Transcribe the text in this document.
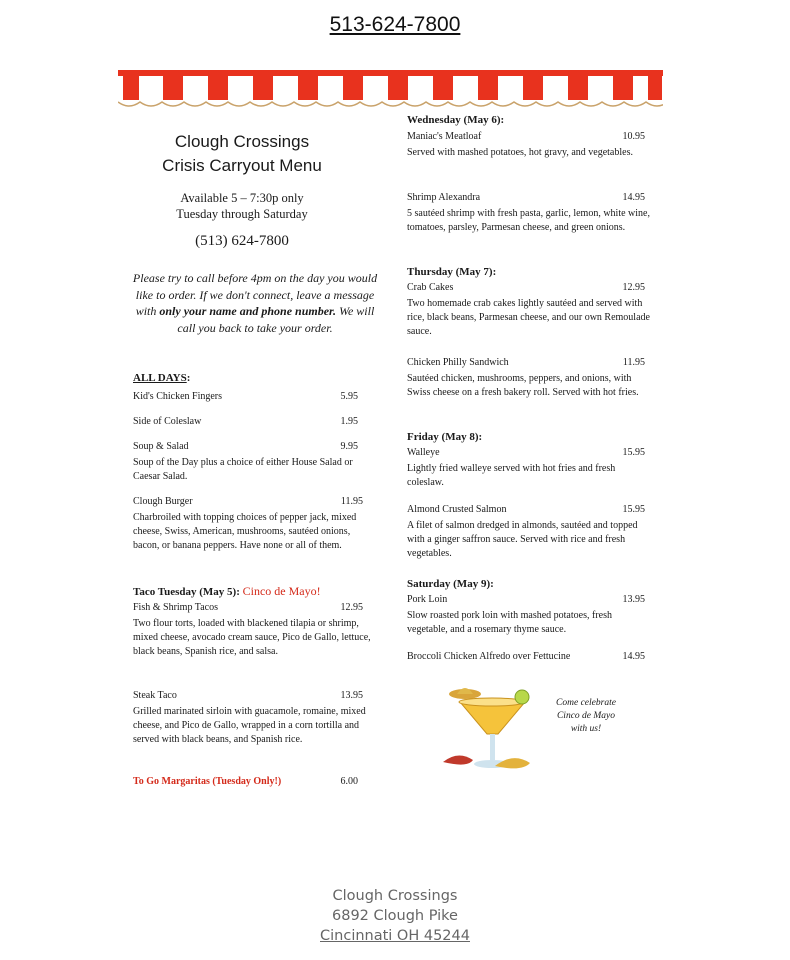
513-624-7800
Clough Crossings
Crisis Carryout Menu
Available 5 – 7:30p only
Tuesday through Saturday
(513) 624-7800
Please try to call before 4pm on the day you would like to order. If we don't connect, leave a message with only your name and phone number. We will call you back to take your order.
ALL DAYS:
Kid's Chicken Fingers	5.95
Side of Coleslaw	1.95
Soup & Salad	9.95
Soup of the Day plus a choice of either House Salad or Caesar Salad.
Clough Burger	11.95
Charbroiled with topping choices of pepper jack, mixed cheese, Swiss, American, mushrooms, sautéed onions, bacon, or banana peppers. Have none or all of them.
Taco Tuesday (May 5): Cinco de Mayo!
Fish & Shrimp Tacos	12.95
Two flour torts, loaded with blackened tilapia or shrimp, mixed cheese, avocado cream sauce, Pico de Gallo, lettuce, black beans, Spanish rice, and salsa.
Steak Taco	13.95
Grilled marinated sirloin with guacamole, romaine, mixed cheese, and Pico de Gallo, wrapped in a corn tortilla and served with black beans, and Spanish rice.
To Go Margaritas (Tuesday Only!)	6.00
Wednesday (May 6):
Maniac's Meatloaf	10.95
Served with mashed potatoes, hot gravy, and vegetables.
Shrimp Alexandra	14.95
5 sautéed shrimp with fresh pasta, garlic, lemon, white wine, tomatoes, parsley, Parmesan cheese, and green onions.
Thursday (May 7):
Crab Cakes	12.95
Two homemade crab cakes lightly sautéed and served with rice, black beans, Parmesan cheese, and our own Remoulade sauce.
Chicken Philly Sandwich	11.95
Sautéed chicken, mushrooms, peppers, and onions, with Swiss cheese on a fresh bakery roll. Served with hot fries.
Friday (May 8):
Walleye	15.95
Lightly fried walleye served with hot fries and fresh coleslaw.
Almond Crusted Salmon	15.95
A filet of salmon dredged in almonds, sautéed and topped with a ginger saffron sauce. Served with rice and fresh vegetables.
Saturday (May 9):
Pork Loin	13.95
Slow roasted pork loin with mashed potatoes, fresh vegetable, and a rosemary thyme sauce.
Broccoli Chicken Alfredo over Fettucine	14.95
Come celebrate Cinco de Mayo with us!
Clough Crossings
6892 Clough Pike
Cincinnati OH 45244
